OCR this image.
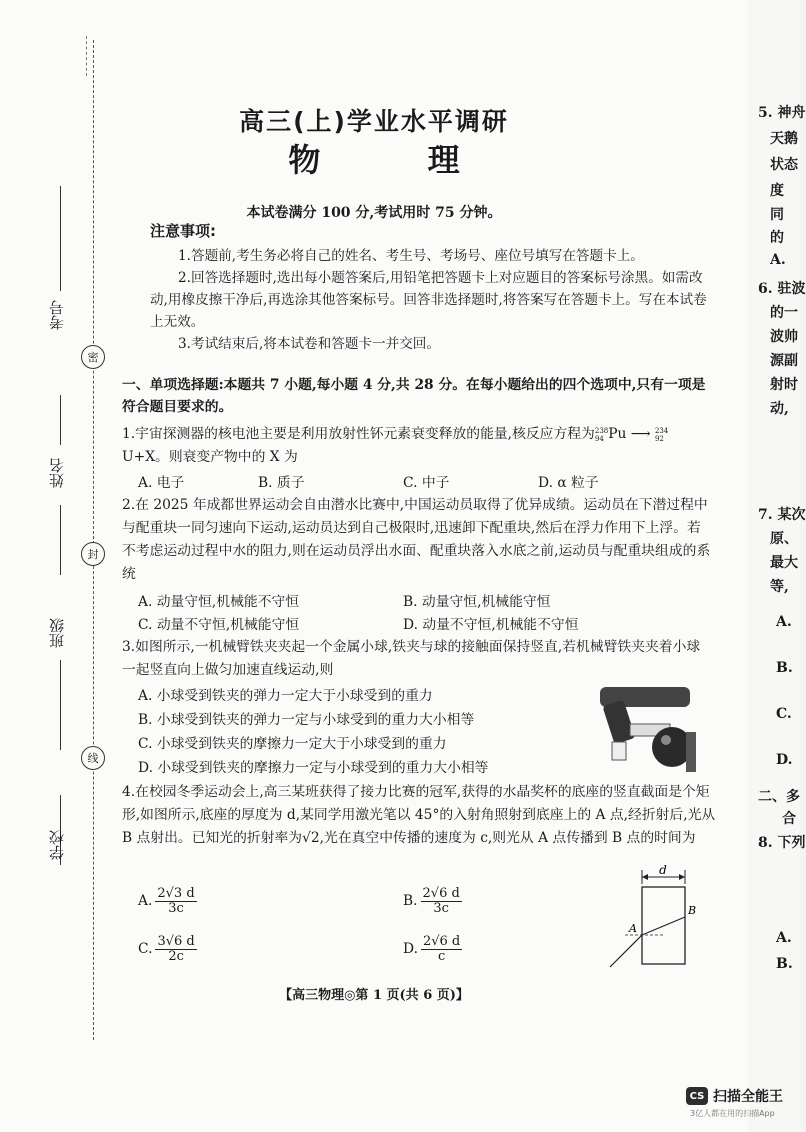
考号
密
姓名
封
班级
线
学校
高三(上)学业水平调研
物 理
本试卷满分 100 分,考试用时 75 分钟。
注意事项:
1.答题前,考生务必将自己的姓名、考生号、考场号、座位号填写在答题卡上。
2.回答选择题时,选出每小题答案后,用铅笔把答题卡上对应题目的答案标号涂黑。如需改动,用橡皮擦干净后,再选涂其他答案标号。回答非选择题时,将答案写在答题卡上。写在本试卷上无效。
3.考试结束后,将本试卷和答题卡一并交回。
一、单项选择题:本题共 7 小题,每小题 4 分,共 28 分。在每小题给出的四个选项中,只有一项是符合题目要求的。
1.宇宙探测器的核电池主要是利用放射性钚元素衰变释放的能量,核反应方程为 238
94 Pu ⟶ 234
92
U+X。则衰变产物中的 X 为
A. 电子	B. 质子	C. 中子	D. α 粒子
2.在 2025 年成都世界运动会自由潜水比赛中,中国运动员取得了优异成绩。运动员在下潜过程中与配重块一同匀速向下运动,运动员达到自己极限时,迅速卸下配重块,然后在浮力作用下上浮。若不考虑运动过程中水的阻力,则在运动员浮出水面、配重块落入水底之前,运动员与配重块组成的系统
A. 动量守恒,机械能不守恒	B. 动量守恒,机械能守恒
C. 动量不守恒,机械能守恒	D. 动量不守恒,机械能不守恒
3.如图所示,一机械臂铁夹夹起一个金属小球,铁夹与球的接触面保持竖直,若机械臂铁夹夹着小球一起竖直向上做匀加速直线运动,则
A. 小球受到铁夹的弹力一定大于小球受到的重力
B. 小球受到铁夹的弹力一定与小球受到的重力大小相等
C. 小球受到铁夹的摩擦力一定大于小球受到的重力
D. 小球受到铁夹的摩擦力一定与小球受到的重力大小相等
4.在校园冬季运动会上,高三某班获得了接力比赛的冠军,获得的水晶奖杯的底座的竖直截面是个矩形,如图所示,底座的厚度为 d,某同学用激光笔以 45°的入射角照射到底座上的 A 点,经折射后,光从 B 点射出。已知光的折射率为√2,光在真空中传播的速度为 c,则光从 A 点传播到 B 点的时间为
A. $\frac{2√3 d}{3c}$	B. $\frac{2√6 d}{3c}$
C. $\frac{3√6 d}{2c}$	D. $\frac{2√6 d}{c}$
d
A
B
【高三物理◎第 1 页(共 6 页)】
5. 神舟
天鹅
状态
度
同
的
A.
6. 驻波
的一
波帅
源副
射时
动,
7. 某次
原、
最大
等,
A.
B.
C.
D.
二、多
合
8. 下列
A.
B.
CS 扫描全能王
3亿人都在用的扫描App
